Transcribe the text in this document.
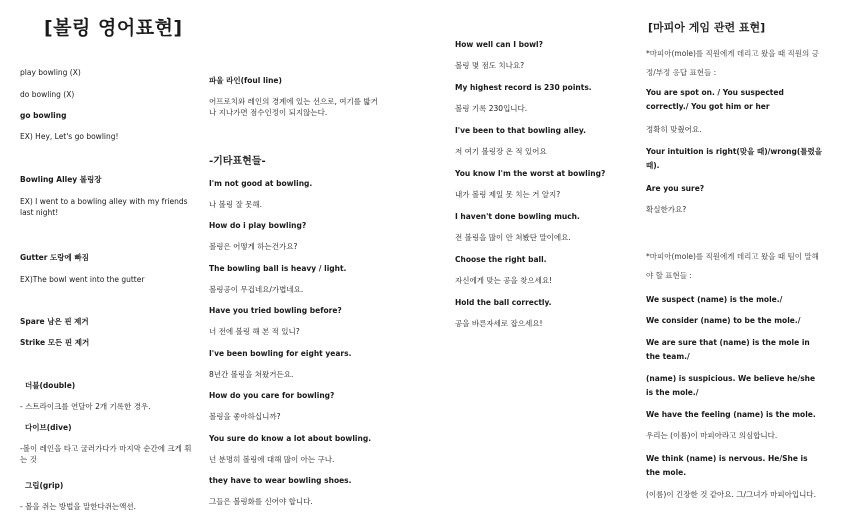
[볼링 영어표현]
play bowling (X)
do bowling (X)
go bowling
EX) Hey, Let's go bowling!
Bowling Alley 볼링장
EX) I went to a bowling alley with my friends last night!
Gutter 도랑에 빠짐
EX)The bowl went into the gutter
Spare 남은 핀 제거
Strike 모든 핀 제거
더블(double)
- 스트라이크를 연달아 2개 기록한 경우.
다이브(dive)
-볼이 레인을 타고 굴러가다가 마지막 순간에 크게 휘는 것
그립(grip)
- 볼을 쥐는 방법을 말한다쥐는액션.
파울 라인(foul line)
어프로치와 레인의 경계에 있는 선으로, 여기를 밟거나 지나가면 점수인정이 되지않는다.
-기타표현들-
I'm not good at bowling.
나 볼링 잘 못해.
How do i play bowling?
볼링은 어떻게 하는건가요?
The bowling ball is heavy / light.
볼링공이 무겁네요/가볍네요.
Have you tried bowling before?
너 전에 볼링 해 본 적 있니?
I've been bowling for eight years.
8년간 볼링을 쳐왔거든요.
How do you care for bowling?
볼링을 좋아하십니까?
You sure do know a lot about bowling.
넌 분명히 볼링에 대해 많이 아는 구나.
they have to wear bowling shoes.
그들은 볼링화를 신어야 합니다.
How well can I bowl?
볼링 몇 점도 치나요?
My highest record is 230 points.
볼링 기록 230입니다.
I've been to that bowling alley.
저 여기 볼링장 온 적 있어요
You know I'm the worst at bowling?
내가 볼링 제일 못 치는 거 알지?
I haven't done bowling much.
전 볼링을 많이 안 쳐봤단 말이에요.
Choose the right ball.
자신에게 맞는 공을 찾으세요!
Hold the ball correctly.
공을 바른자세로 잡으세요!
[마피아 게임 관련 표현]
*마피아(mole)를 직원에게 데리고 왔을 때 직원의 긍정/부정 응답 표현들 :
You are spot on. / You suspected correctly./ You got him or her
정확히 맞췄어요.
Your intuition is right(맞을 때)/wrong(틀렸을 때).
Are you sure?
확실한가요?
*마피아(mole)를 직원에게 데리고 왔을 때 팀이 말해야 할 표현들 :
We suspect (name) is the mole./
We consider (name) to be the mole./
We are sure that (name) is the mole in the team./
(name) is suspicious. We believe he/she is the mole./
We have the feeling (name) is the mole.
우리는 (이름)이 마피아라고 의심합니다.
We think (name) is nervous. He/She is the mole.
(이름)이 긴장한 것 같아요. 그/그녀가 마피아입니다.
